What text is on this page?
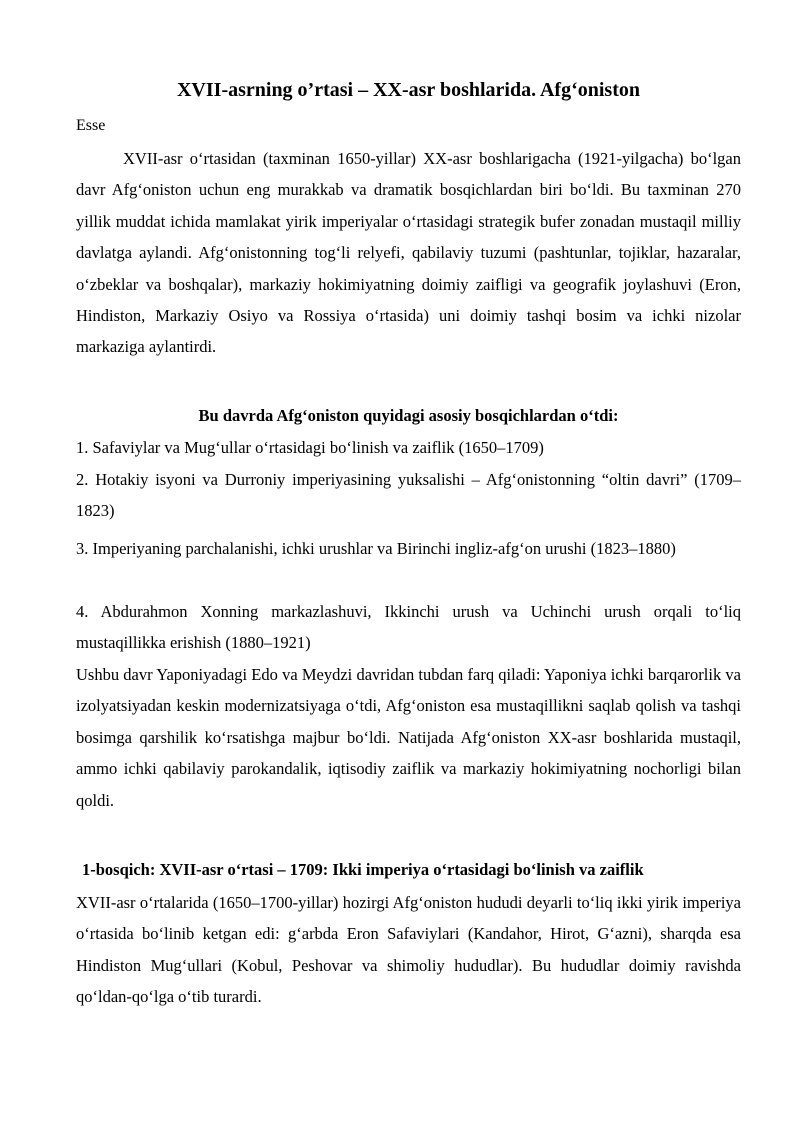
XVII-asrning o’rtasi – XX-asr boshlarida. Afg‘oniston
Esse

XVII-asr o‘rtasidan (taxminan 1650-yillar) XX-asr boshlarigacha (1921-yilgacha) bo‘lgan davr Afg‘oniston uchun eng murakkab va dramatik bosqichlardan biri bo‘ldi. Bu taxminan 270 yillik muddat ichida mamlakat yirik imperiyalar o‘rtasidagi strategik bufer zonadan mustaqil milliy davlatga aylandi. Afg‘onistonning tog‘li relyefi, qabilaviy tuzumi (pashtunlar, tojiklar, hazaralar, o‘zbeklar va boshqalar), markaziy hokimiyatning doimiy zaifligi va geografik joylashuvi (Eron, Hindiston, Markaziy Osiyo va Rossiya o‘rtasida) uni doimiy tashqi bosim va ichki nizolar markaziga aylantirdi.

Bu davrda Afg‘oniston quyidagi asosiy bosqichlardan o‘tdi:

1. Safaviylar va Mug‘ullar o‘rtasidagi bo‘linish va zaiflik (1650–1709)

2. Hotakiy isyoni va Durroniy imperiyasining yuksalishi – Afg‘onistonning “oltin davri” (1709–1823)

3. Imperiyaning parchalanishi, ichki urushlar va Birinchi ingliz-afg‘on urushi (1823–1880)

4. Abdurahmon Xonning markazlashuvi, Ikkinchi urush va Uchinchi urush orqali to‘liq mustaqillikka erishish (1880–1921)

Ushbu davr Yaponiyadagi Edo va Meydzi davridan tubdan farq qiladi: Yaponiya ichki barqarorlik va izolyatsiyadan keskin modernizatsiyaga o‘tdi, Afg‘oniston esa mustaqillikni saqlab qolish va tashqi bosimga qarshilik ko‘rsatishga majbur bo‘ldi. Natijada Afg‘oniston XX-asr boshlarida mustaqil, ammo ichki qabilaviy parokandalik, iqtisodiy zaiflik va markaziy hokimiyatning nochorligi bilan qoldi.

1-bosqich: XVII-asr o‘rtasi – 1709: Ikki imperiya o‘rtasidagi bo‘linish va zaiflik

XVII-asr o‘rtalarida (1650–1700-yillar) hozirgi Afg‘oniston hududi deyarli to‘liq ikki yirik imperiya o‘rtasida bo‘linib ketgan edi: g‘arbda Eron Safaviylari (Kandahor, Hirot, G‘azni), sharqda esa Hindiston Mug‘ullari (Kobul, Peshovar va shimoliy hududlar). Bu hududlar doimiy ravishda qo‘ldan-qo‘lga o‘tib turardi.
